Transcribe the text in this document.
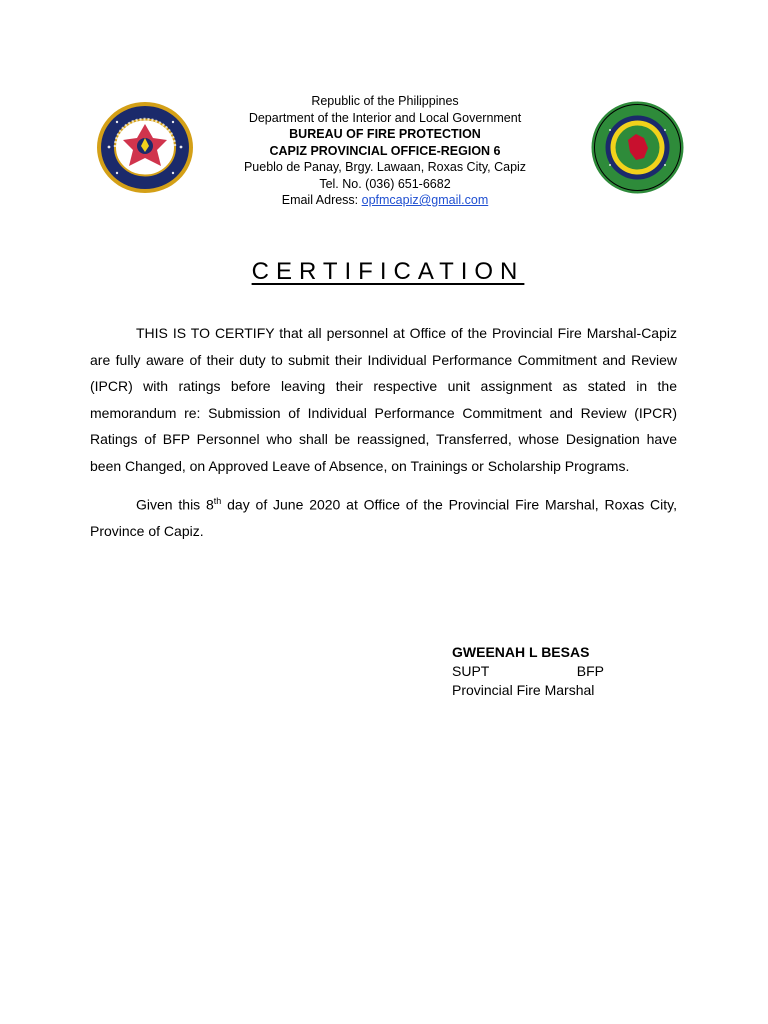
Republic of the Philippines
Department of the Interior and Local Government
BUREAU OF FIRE PROTECTION
CAPIZ PROVINCIAL OFFICE-REGION 6
Pueblo de Panay, Brgy. Lawaan, Roxas City, Capiz
Tel. No. (036) 651-6682
Email Adress: opfmcapiz@gmail.com
CERTIFICATION

THIS IS TO CERTIFY that all personnel at Office of the Provincial Fire Marshal-Capiz are fully aware of their duty to submit their Individual Performance Commitment and Review (IPCR) with ratings before leaving their respective unit assignment as stated in the memorandum re: Submission of Individual Performance Commitment and Review (IPCR) Ratings of BFP Personnel who shall be reassigned, Transferred, whose Designation have been Changed, on Approved Leave of Absence, on Trainings or Scholarship Programs.

Given this 8th day of June 2020 at Office of the Provincial Fire Marshal, Roxas City, Province of Capiz.

GWEENAH L BESAS
SUPT	BFP
Provincial Fire Marshal
